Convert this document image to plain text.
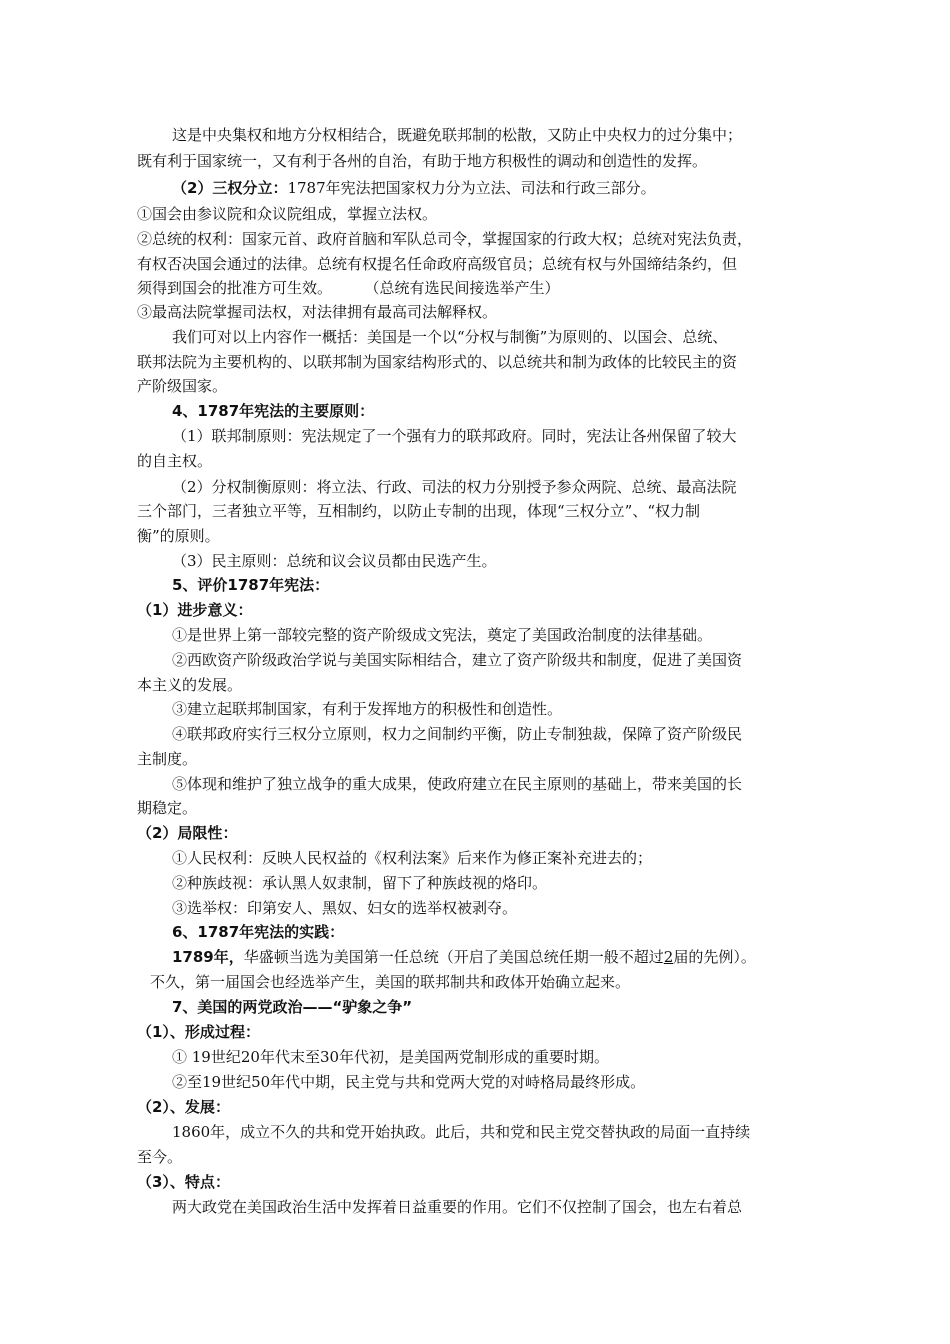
这是中央集权和地方分权相结合，既避免联邦制的松散，又防止中央权力的过分集中；
既有利于国家统一，又有利于各州的自治，有助于地方积极性的调动和创造性的发挥。
（2）三权分立：1787年宪法把国家权力分为立法、司法和行政三部分。
①国会由参议院和众议院组成，掌握立法权。
②总统的权利：国家元首、政府首脑和军队总司令，掌握国家的行政大权；总统对宪法负责，
有权否决国会通过的法律。总统有权提名任命政府高级官员；总统有权与外国缔结条约，但
须得到国会的批准方可生效。	（总统有选民间接选举产生）
③最高法院掌握司法权，对法律拥有最高司法解释权。
我们可对以上内容作一概括：美国是一个以“分权与制衡”为原则的、以国会、总统、
联邦法院为主要机构的、以联邦制为国家结构形式的、以总统共和制为政体的比较民主的资
产阶级国家。
4、1787年宪法的主要原则：
（1）联邦制原则：宪法规定了一个强有力的联邦政府。同时，宪法让各州保留了较大
的自主权。
（2）分权制衡原则：将立法、行政、司法的权力分别授予参众两院、总统、最高法院
三个部门，三者独立平等，互相制约，以防止专制的出现，体现“三权分立”、“权力制
衡”的原则。
（3）民主原则：总统和议会议员都由民选产生。
5、评价1787年宪法：
（1）进步意义：
①是世界上第一部较完整的资产阶级成文宪法，奠定了美国政治制度的法律基础。
②西欧资产阶级政治学说与美国实际相结合，建立了资产阶级共和制度，促进了美国资
本主义的发展。
③建立起联邦制国家，有利于发挥地方的积极性和创造性。
④联邦政府实行三权分立原则，权力之间制约平衡，防止专制独裁，保障了资产阶级民
主制度。
⑤体现和维护了独立战争的重大成果，使政府建立在民主原则的基础上，带来美国的长
期稳定。
（2）局限性：
①人民权利：反映人民权益的《权利法案》后来作为修正案补充进去的；
②种族歧视：承认黑人奴隶制，留下了种族歧视的烙印。
③选举权：印第安人、黑奴、妇女的选举权被剥夺。
6、1787年宪法的实践：
1789年，华盛顿当选为美国第一任总统（开启了美国总统任期一般不超过2届的先例）。
不久，第一届国会也经选举产生，美国的联邦制共和政体开始确立起来。
7、美国的两党政治——“驴象之争”
（1）、形成过程：
① 19世纪20年代末至30年代初，是美国两党制形成的重要时期。
②至19世纪50年代中期，民主党与共和党两大党的对峙格局最终形成。
（2）、发展：
1860年，成立不久的共和党开始执政。此后，共和党和民主党交替执政的局面一直持续
至今。
（3）、特点：
两大政党在美国政治生活中发挥着日益重要的作用。它们不仅控制了国会，也左右着总
